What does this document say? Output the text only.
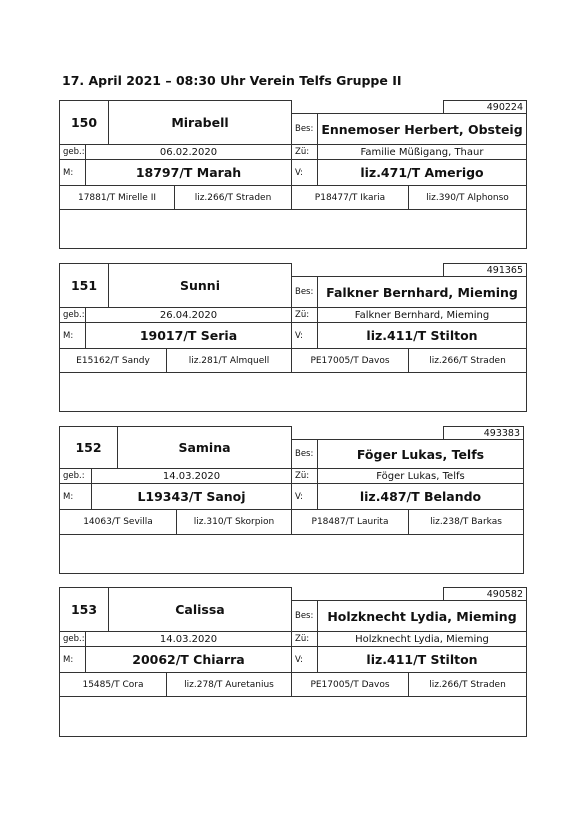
17. April 2021 – 08:30 Uhr Verein Telfs Gruppe II
490224
150	Mirabell	Bes: Ennemoser Herbert, Obsteig
geb.:	06.02.2020	Zü:	Familie Müßigang, Thaur
M:	18797/T Marah	V:	liz.471/T Amerigo
17881/T Mirelle II	liz.266/T Straden	P18477/T Ikaria	liz.390/T Alphonso
491365
151	Sunni	Bes:	Falkner Bernhard, Mieming
geb.:	26.04.2020	Zü:	Falkner Bernhard, Mieming
M:	19017/T Seria	V:	liz.411/T Stilton
E15162/T Sandy	liz.281/T Almquell	PE17005/T Davos	liz.266/T Straden
493383
152	Samina	Bes:	Föger Lukas, Telfs
geb.:	14.03.2020	Zü:	Föger Lukas, Telfs
M:	L19343/T Sanoj	V:	liz.487/T Belando
14063/T Sevilla	liz.310/T Skorpion	P18487/T Laurita	liz.238/T Barkas
490582
153	Calissa	Bes:	Holzknecht Lydia, Mieming
geb.:	14.03.2020	Zü:	Holzknecht Lydia, Mieming
M:	20062/T Chiarra	V:	liz.411/T Stilton
15485/T Cora	liz.278/T Auretanius	PE17005/T Davos	liz.266/T Straden
